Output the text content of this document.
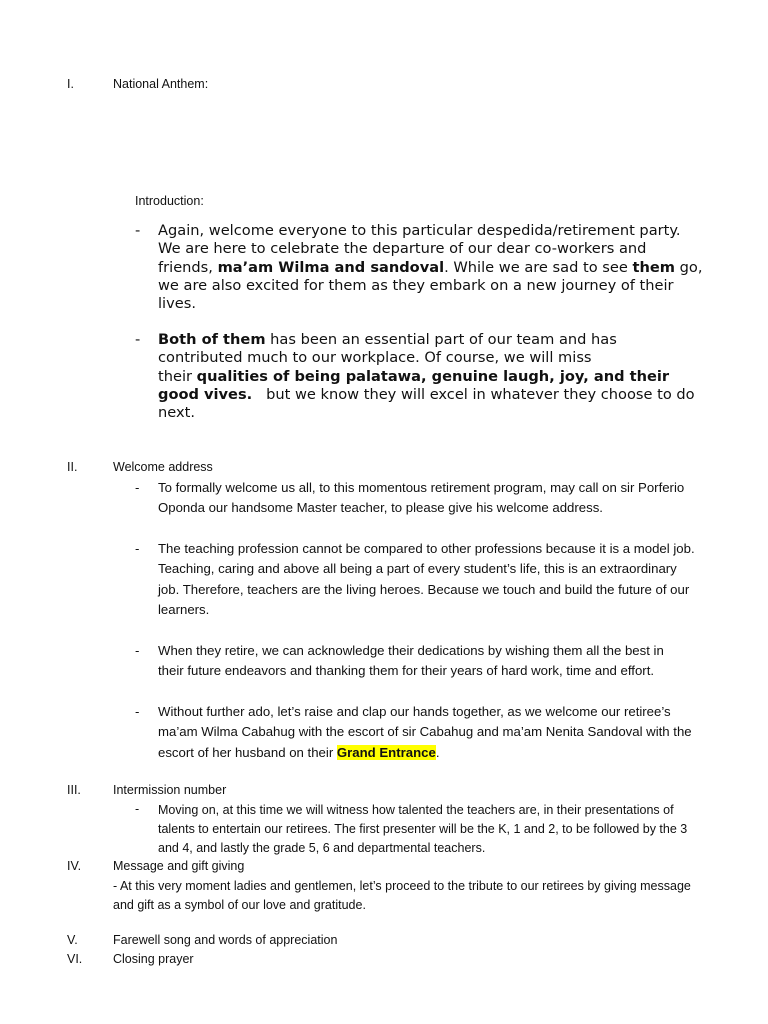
I.	National Anthem:
Introduction:
-	Again, welcome everyone to this particular despedida/retirement party.
We are here to celebrate the departure of our dear co-workers and
friends, ma’am Wilma and sandoval. While we are sad to see them go,
we are also excited for them as they embark on a new journey of their
lives.
-	Both of them has been an essential part of our team and has
contributed much to our workplace. Of course, we will miss
their qualities of being palatawa, genuine laugh, joy, and their
good vives.   but we know they will excel in whatever they choose to do
next.
II.	Welcome address
-	To formally welcome us all, to this momentous retirement program, may call on sir Porferio
Oponda our handsome Master teacher, to please give his welcome address.
-	The teaching profession cannot be compared to other professions because it is a model job.
Teaching, caring and above all being a part of every student’s life, this is an extraordinary
job. Therefore, teachers are the living heroes. Because we touch and build the future of our
learners.
-	When they retire, we can acknowledge their dedications by wishing them all the best in
their future endeavors and thanking them for their years of hard work, time and effort.
-	Without further ado, let’s raise and clap our hands together, as we welcome our retiree’s
ma’am Wilma Cabahug with the escort of sir Cabahug and ma’am Nenita Sandoval with the
escort of her husband on their Grand Entrance.
III.	Intermission number
-	Moving on, at this time we will witness how talented the teachers are, in their presentations of
talents to entertain our retirees. The first presenter will be the K, 1 and 2, to be followed by the 3
and 4, and lastly the grade 5, 6 and departmental teachers.
IV.	Message and gift giving
- At this very moment ladies and gentlemen, let’s proceed to the tribute to our retirees by giving message
and gift as a symbol of our love and gratitude.
V.	Farewell song and words of appreciation
VI.	Closing prayer
